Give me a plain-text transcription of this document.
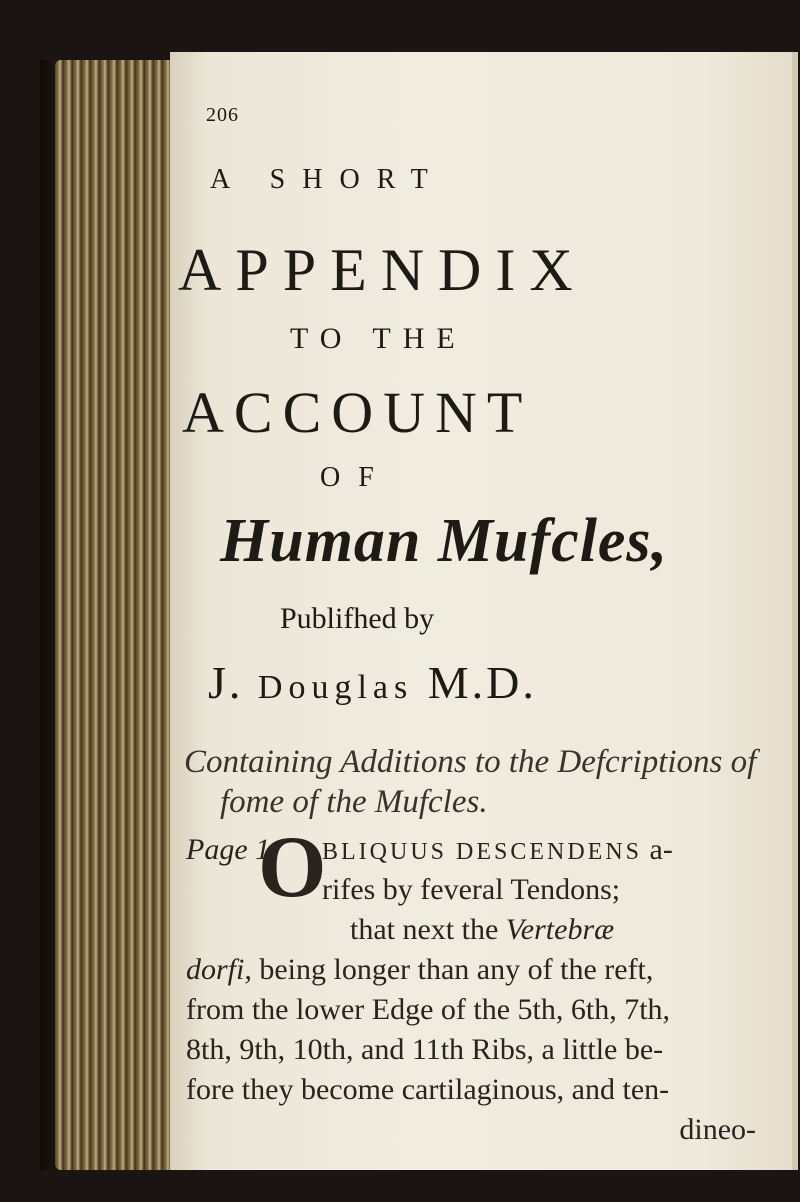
206
A SHORT
APPENDIX
TO THE
ACCOUNT
OF
Human Mufcles,
Publifhed by
J. Douglas M.D.
Containing Additions to the Defcriptions of
fome of the Mufcles.
Page 1.
O
BLIQUUS DESCENDENS a-
rifes by feveral Tendons;
that next the Vertebræ
dorfi, being longer than any of the reft,
from the lower Edge of the 5th, 6th, 7th,
8th, 9th, 10th, and 11th Ribs, a little be-
fore they become cartilaginous, and ten-
dineo-
